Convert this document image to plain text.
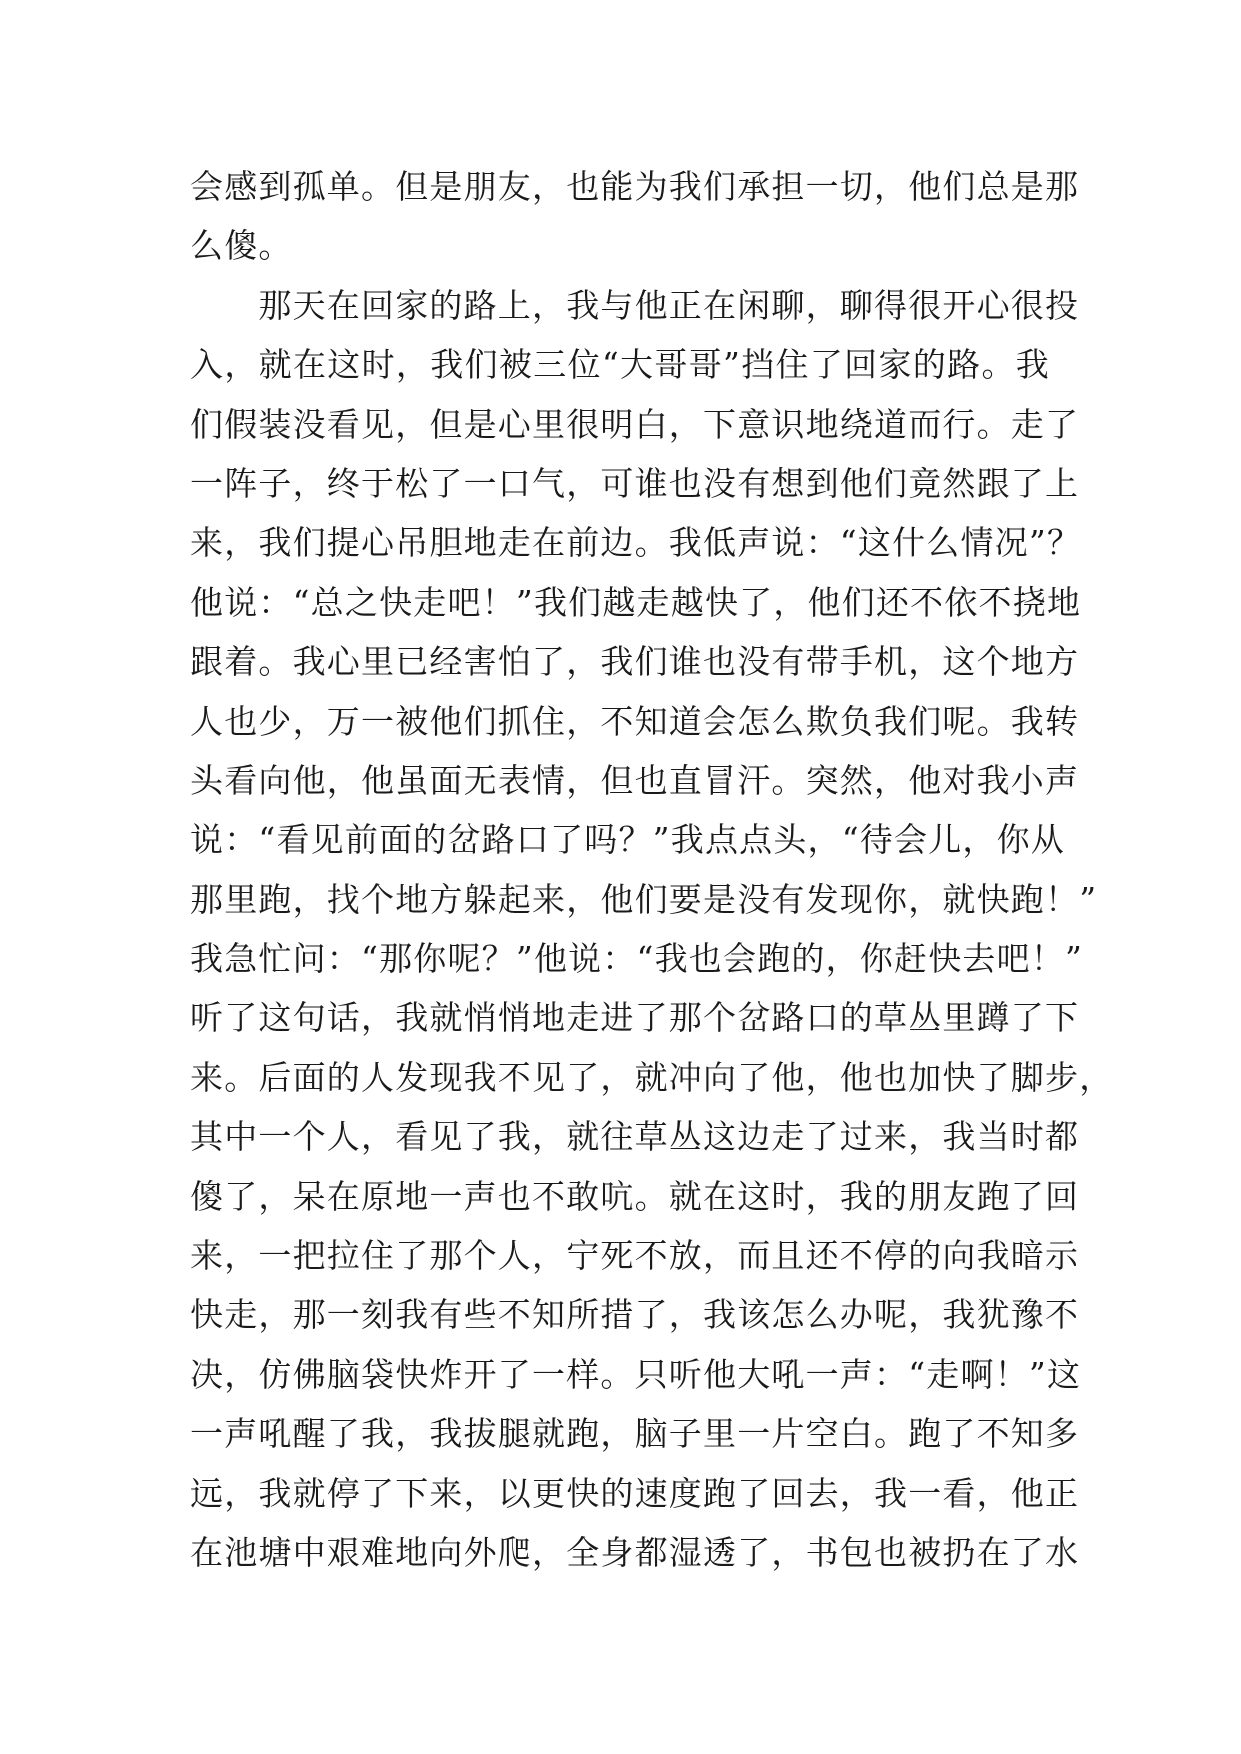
会感到孤单。但是朋友，也能为我们承担一切，他们总是那
么傻。
　　那天在回家的路上，我与他正在闲聊，聊得很开心很投
入，就在这时，我们被三位“大哥哥”挡住了回家的路。我
们假装没看见，但是心里很明白，下意识地绕道而行。走了
一阵子，终于松了一口气，可谁也没有想到他们竟然跟了上
来，我们提心吊胆地走在前边。我低声说：“这什么情况”？
他说：“总之快走吧！”我们越走越快了，他们还不依不挠地
跟着。我心里已经害怕了，我们谁也没有带手机，这个地方
人也少，万一被他们抓住，不知道会怎么欺负我们呢。我转
头看向他，他虽面无表情，但也直冒汗。突然，他对我小声
说：“看见前面的岔路口了吗？”我点点头，“待会儿，你从
那里跑，找个地方躲起来，他们要是没有发现你，就快跑！”
我急忙问：“那你呢？”他说：“我也会跑的，你赶快去吧！”
听了这句话，我就悄悄地走进了那个岔路口的草丛里蹲了下
来。后面的人发现我不见了，就冲向了他，他也加快了脚步，
其中一个人，看见了我，就往草丛这边走了过来，我当时都
傻了，呆在原地一声也不敢吭。就在这时，我的朋友跑了回
来，一把拉住了那个人，宁死不放，而且还不停的向我暗示
快走，那一刻我有些不知所措了，我该怎么办呢，我犹豫不
决，仿佛脑袋快炸开了一样。只听他大吼一声：“走啊！”这
一声吼醒了我，我拔腿就跑，脑子里一片空白。跑了不知多
远，我就停了下来，以更快的速度跑了回去，我一看，他正
在池塘中艰难地向外爬，全身都湿透了，书包也被扔在了水
